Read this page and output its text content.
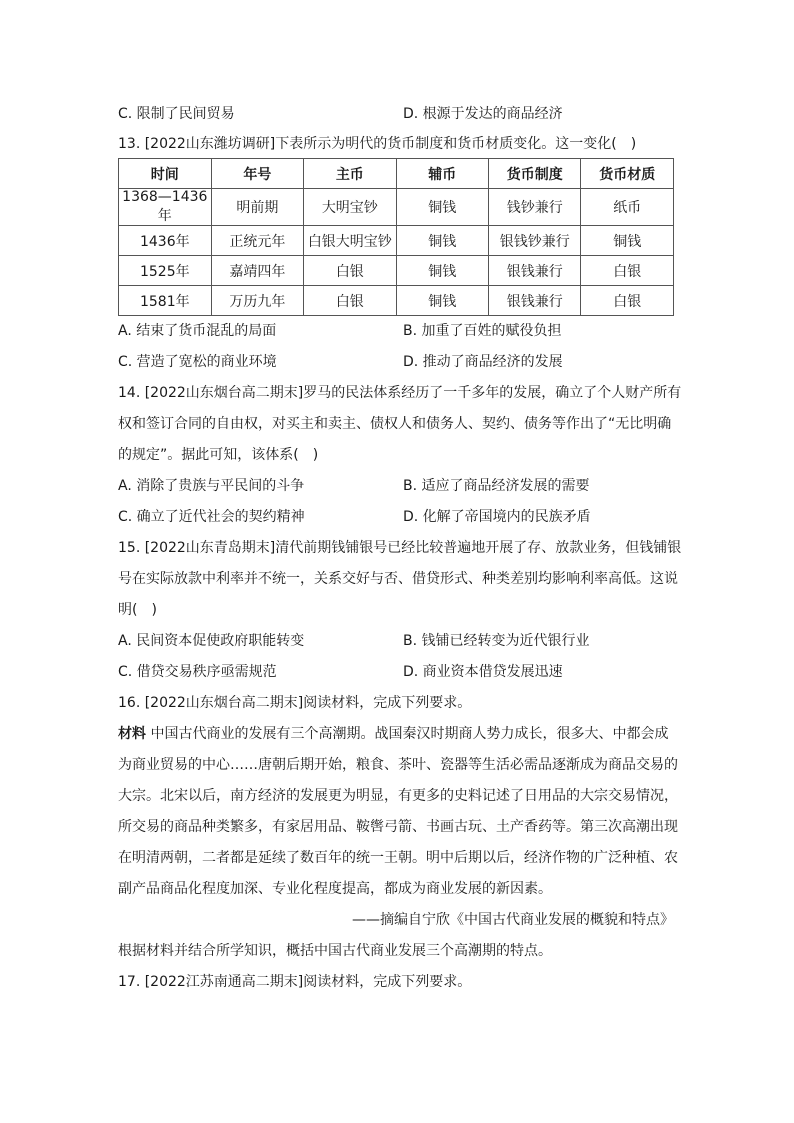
C. 限制了民间贸易	D. 根源于发达的商品经济
13. [2022山东潍坊调研]下表所示为明代的货币制度和货币材质变化。这一变化(　)
时间	年号	主币	辅币	货币制度	货币材质
1368—1436年	明前期	大明宝钞	铜钱	钱钞兼行	纸币
1436年	正统元年	白银大明宝钞	铜钱	银钱钞兼行	铜钱
1525年	嘉靖四年	白银	铜钱	银钱兼行	白银
1581年	万历九年	白银	铜钱	银钱兼行	白银
A. 结束了货币混乱的局面	B. 加重了百姓的赋役负担
C. 营造了宽松的商业环境	D. 推动了商品经济的发展
14. [2022山东烟台高二期末]罗马的民法体系经历了一千多年的发展，确立了个人财产所有
权和签订合同的自由权，对买主和卖主、债权人和债务人、契约、债务等作出了“无比明确
的规定”。据此可知，该体系(　)
A. 消除了贵族与平民间的斗争	B. 适应了商品经济发展的需要
C. 确立了近代社会的契约精神	D. 化解了帝国境内的民族矛盾
15. [2022山东青岛期末]清代前期钱铺银号已经比较普遍地开展了存、放款业务，但钱铺银
号在实际放款中利率并不统一，关系交好与否、借贷形式、种类差别均影响利率高低。这说
明(　)
A. 民间资本促使政府职能转变	B. 钱铺已经转变为近代银行业
C. 借贷交易秩序亟需规范	D. 商业资本借贷发展迅速
16. [2022山东烟台高二期末]阅读材料，完成下列要求。
材料 中国古代商业的发展有三个高潮期。战国秦汉时期商人势力成长，很多大、中都会成
为商业贸易的中心……唐朝后期开始，粮食、茶叶、瓷器等生活必需品逐渐成为商品交易的
大宗。北宋以后，南方经济的发展更为明显，有更多的史料记述了日用品的大宗交易情况，
所交易的商品种类繁多，有家居用品、鞍辔弓箭、书画古玩、土产香药等。第三次高潮出现
在明清两朝，二者都是延续了数百年的统一王朝。明中后期以后，经济作物的广泛种植、农
副产品商品化程度加深、专业化程度提高，都成为商业发展的新因素。
——摘编自宁欣《中国古代商业发展的概貌和特点》
根据材料并结合所学知识，概括中国古代商业发展三个高潮期的特点。
17. [2022江苏南通高二期末]阅读材料，完成下列要求。
